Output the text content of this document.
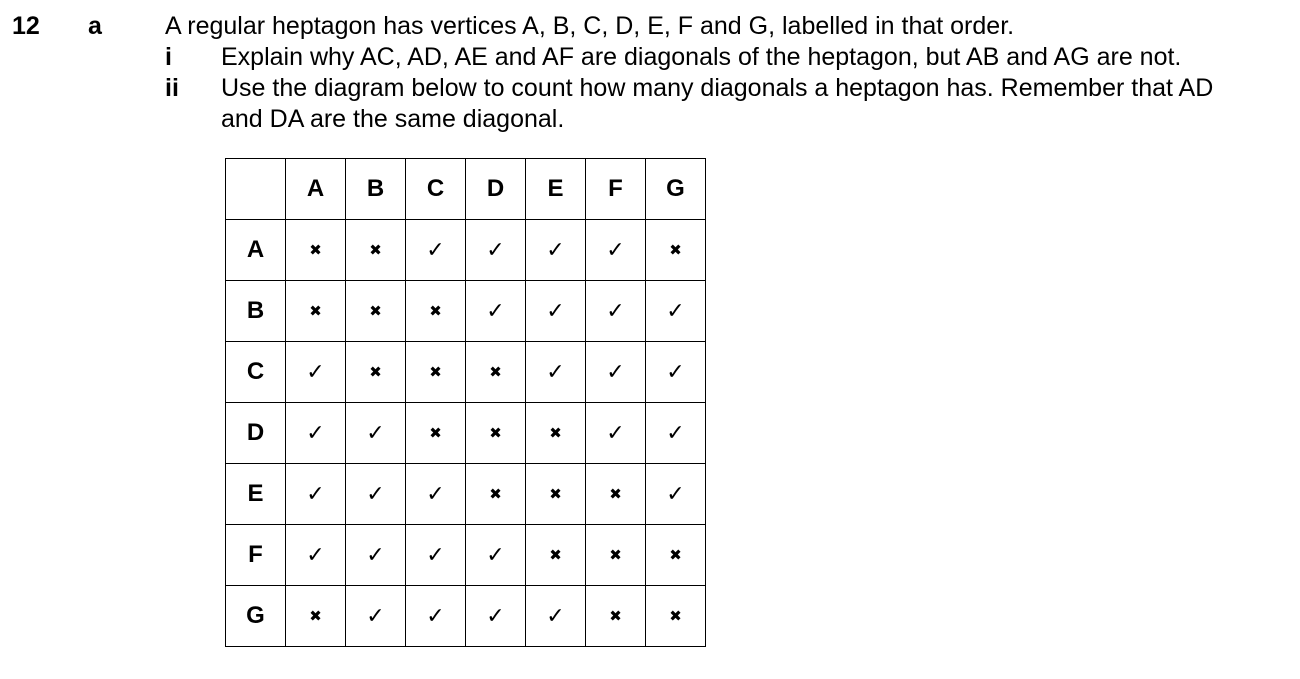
12 a	A regular heptagon has vertices A, B, C, D, E, F and G, labelled in that order.
i Explain why AC, AD, AE and AF are diagonals of the heptagon, but AB and AG are not.
ii Use the diagram below to count how many diagonals a heptagon has. Remember that AD
and DA are the same diagonal.
	A	B	C	D	E	F	G
A	✖	✖	✓	✓	✓	✓	✖
B	✖	✖	✖	✓	✓	✓	✓
C	✓	✖	✖	✖	✓	✓	✓
D	✓	✓	✖	✖	✖	✓	✓
E	✓	✓	✓	✖	✖	✖	✓
F	✓	✓	✓	✓	✖	✖	✖
G	✖	✓	✓	✓	✓	✖	✖
